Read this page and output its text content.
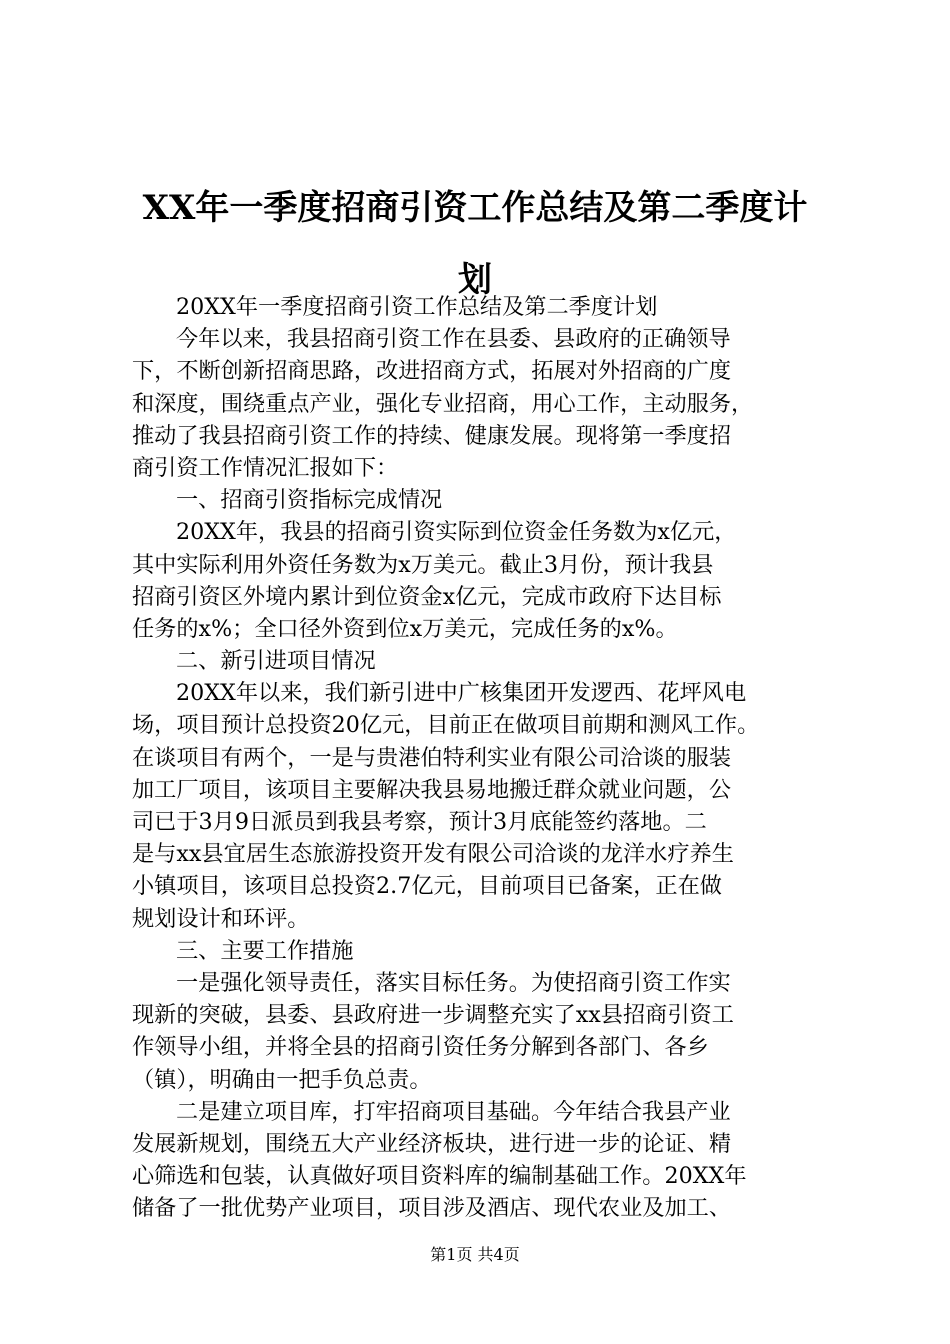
XX年一季度招商引资工作总结及第二季度计
划
20XX年一季度招商引资工作总结及第二季度计划
今年以来，我县招商引资工作在县委、县政府的正确领导
下，不断创新招商思路，改进招商方式，拓展对外招商的广度
和深度，围绕重点产业，强化专业招商，用心工作，主动服务，
推动了我县招商引资工作的持续、健康发展。现将第一季度招
商引资工作情况汇报如下：
一、招商引资指标完成情况
20XX年，我县的招商引资实际到位资金任务数为x亿元，
其中实际利用外资任务数为x万美元。截止3月份，预计我县
招商引资区外境内累计到位资金x亿元，完成市政府下达目标
任务的x%；全口径外资到位x万美元，完成任务的x%。
二、新引进项目情况
20XX年以来，我们新引进中广核集团开发逻西、花坪风电
场，项目预计总投资20亿元，目前正在做项目前期和测风工作。
在谈项目有两个，一是与贵港伯特利实业有限公司洽谈的服装
加工厂项目，该项目主要解决我县易地搬迁群众就业问题，公
司已于3月9日派员到我县考察，预计3月底能签约落地。二
是与xx县宜居生态旅游投资开发有限公司洽谈的龙洋水疗养生
小镇项目，该项目总投资2.7亿元，目前项目已备案，正在做
规划设计和环评。
三、主要工作措施
一是强化领导责任，落实目标任务。为使招商引资工作实
现新的突破，县委、县政府进一步调整充实了xx县招商引资工
作领导小组，并将全县的招商引资任务分解到各部门、各乡
（镇），明确由一把手负总责。
二是建立项目库，打牢招商项目基础。今年结合我县产业
发展新规划，围绕五大产业经济板块，进行进一步的论证、精
心筛选和包装，认真做好项目资料库的编制基础工作。20XX年
储备了一批优势产业项目，项目涉及酒店、现代农业及加工、
第1页 共4页
